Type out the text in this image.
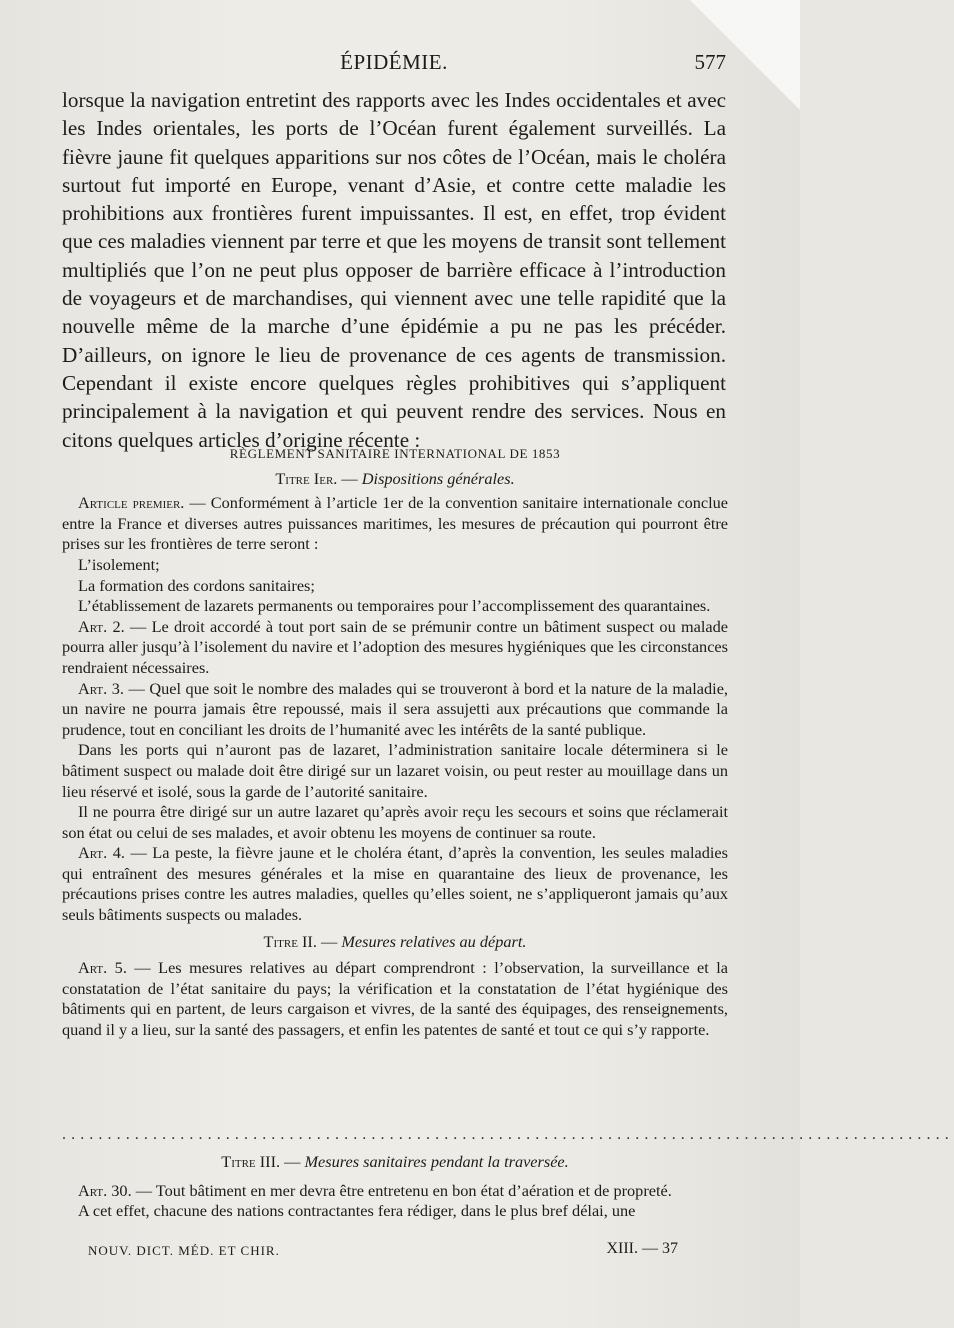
ÉPIDÉMIE.	577

lorsque la navigation entretint des rapports avec les Indes occidentales et avec les Indes orientales, les ports de l’Océan furent également surveillés. La fièvre jaune fit quelques apparitions sur nos côtes de l’Océan, mais le choléra surtout fut importé en Europe, venant d’Asie, et contre cette maladie les prohibitions aux frontières furent impuissantes. Il est, en effet, trop évident que ces maladies viennent par terre et que les moyens de transit sont tellement multipliés que l’on ne peut plus opposer de barrière efficace à l’introduction de voyageurs et de marchandises, qui viennent avec une telle rapidité que la nouvelle même de la marche d’une épidémie a pu ne pas les précéder. D’ailleurs, on ignore le lieu de provenance de ces agents de transmission. Cependant il existe encore quelques règles prohibitives qui s’appliquent principalement à la navigation et qui peuvent rendre des services. Nous en citons quelques articles d’origine récente :

RÈGLEMENT SANITAIRE INTERNATIONAL DE 1853

Titre Ier. — Dispositions générales.

Article premier. — Conformément à l’article 1er de la convention sanitaire internationale conclue entre la France et diverses autres puissances maritimes, les mesures de précaution qui pourront être prises sur les frontières de terre seront :

L’isolement;

La formation des cordons sanitaires;

L’établissement de lazarets permanents ou temporaires pour l’accomplissement des quarantaines.

Art. 2. — Le droit accordé à tout port sain de se prémunir contre un bâtiment suspect ou malade pourra aller jusqu’à l’isolement du navire et l’adoption des mesures hygiéniques que les circonstances rendraient nécessaires.

Art. 3. — Quel que soit le nombre des malades qui se trouveront à bord et la nature de la maladie, un navire ne pourra jamais être repoussé, mais il sera assujetti aux précautions que commande la prudence, tout en conciliant les droits de l’humanité avec les intérêts de la santé publique.

Dans les ports qui n’auront pas de lazaret, l’administration sanitaire locale déterminera si le bâtiment suspect ou malade doit être dirigé sur un lazaret voisin, ou peut rester au mouillage dans un lieu réservé et isolé, sous la garde de l’autorité sanitaire.

Il ne pourra être dirigé sur un autre lazaret qu’après avoir reçu les secours et soins que réclamerait son état ou celui de ses malades, et avoir obtenu les moyens de continuer sa route.

Art. 4. — La peste, la fièvre jaune et le choléra étant, d’après la convention, les seules maladies qui entraînent des mesures générales et la mise en quarantaine des lieux de provenance, les précautions prises contre les autres maladies, quelles qu’elles soient, ne s’appliqueront jamais qu’aux seuls bâtiments suspects ou malades.

Titre II. — Mesures relatives au départ.

Art. 5. — Les mesures relatives au départ comprendront : l’observation, la surveillance et la constatation de l’état sanitaire du pays; la vérification et la constatation de l’état hygiénique des bâtiments qui en partent, de leurs cargaison et vivres, de la santé des équipages, des renseignements, quand il y a lieu, sur la santé des passagers, et enfin les patentes de santé et tout ce qui s’y rapporte.

..................................................................................................

Titre III. — Mesures sanitaires pendant la traversée.

Art. 30. — Tout bâtiment en mer devra être entretenu en bon état d’aération et de propreté.

A cet effet, chacune des nations contractantes fera rédiger, dans le plus bref délai, une

NOUV. DICT. MÉD. ET CHIR.	XIII. — 37
